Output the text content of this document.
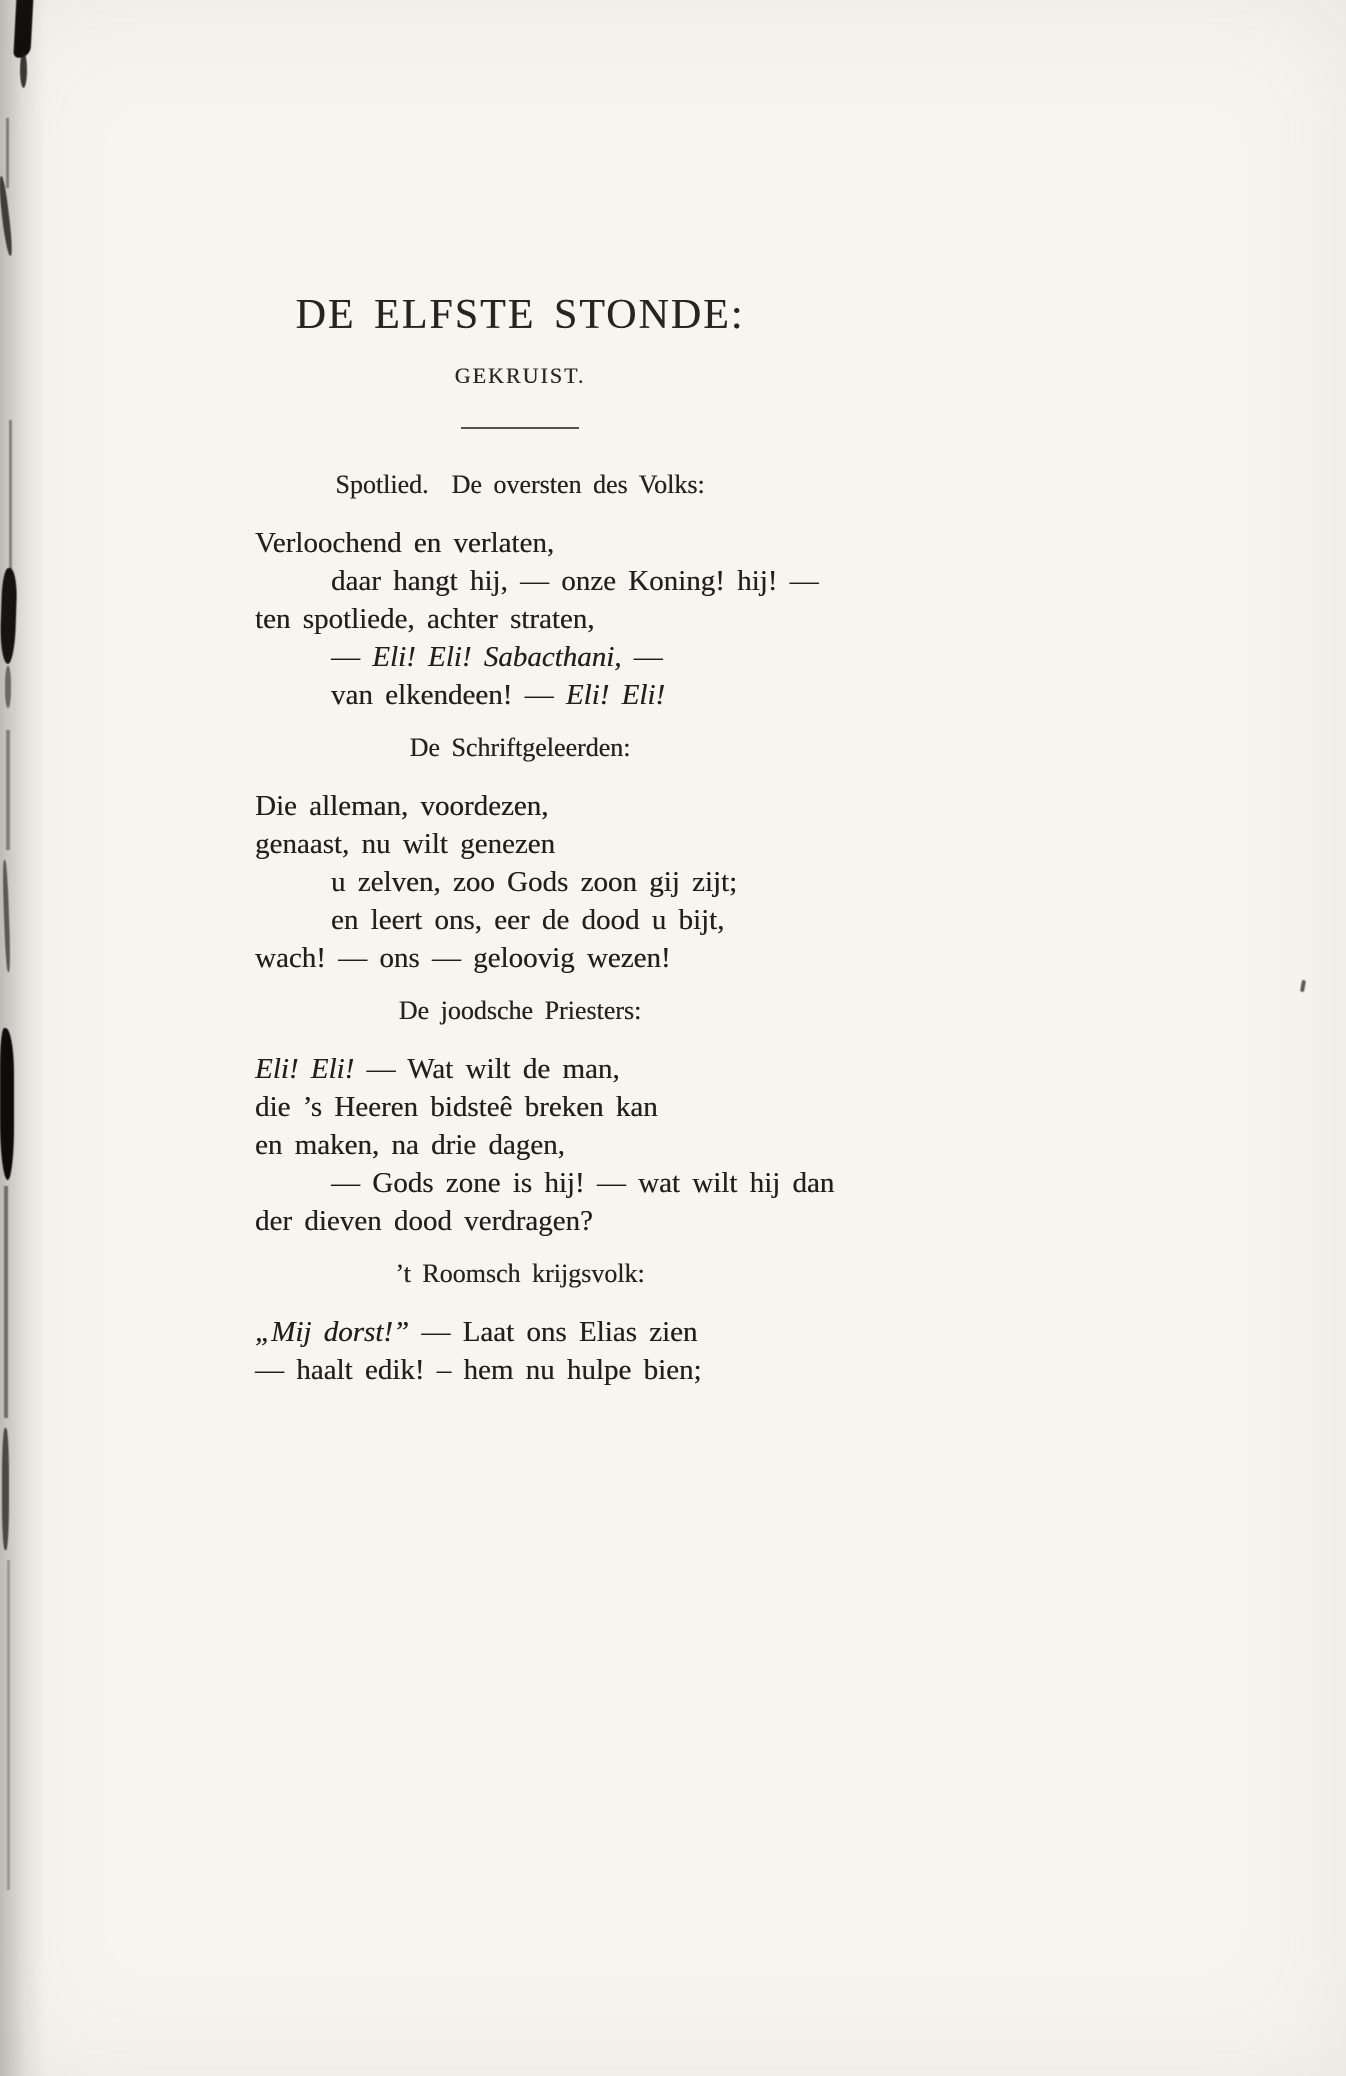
DE ELFSTE STONDE:
GEKRUIST.
Spotlied.  De oversten des Volks:
Verloochend en verlaten,
daar hangt hij, — onze Koning! hij! —
ten spotliede, achter straten,
— Eli! Eli! Sabacthani, —
van elkendeen! — Eli! Eli!
De Schriftgeleerden:
Die alleman, voordezen,
genaast, nu wilt genezen
u zelven, zoo Gods zoon gij zijt;
en leert ons, eer de dood u bijt,
wach! — ons — geloovig wezen!
De joodsche Priesters:
Eli! Eli! — Wat wilt de man,
die ’s Heeren bidsteê breken kan
en maken, na drie dagen,
— Gods zone is hij! — wat wilt hij dan
der dieven dood verdragen?
’t Roomsch krijgsvolk:
„Mij dorst!” — Laat ons Elias zien
— haalt edik! – hem nu hulpe bien;
